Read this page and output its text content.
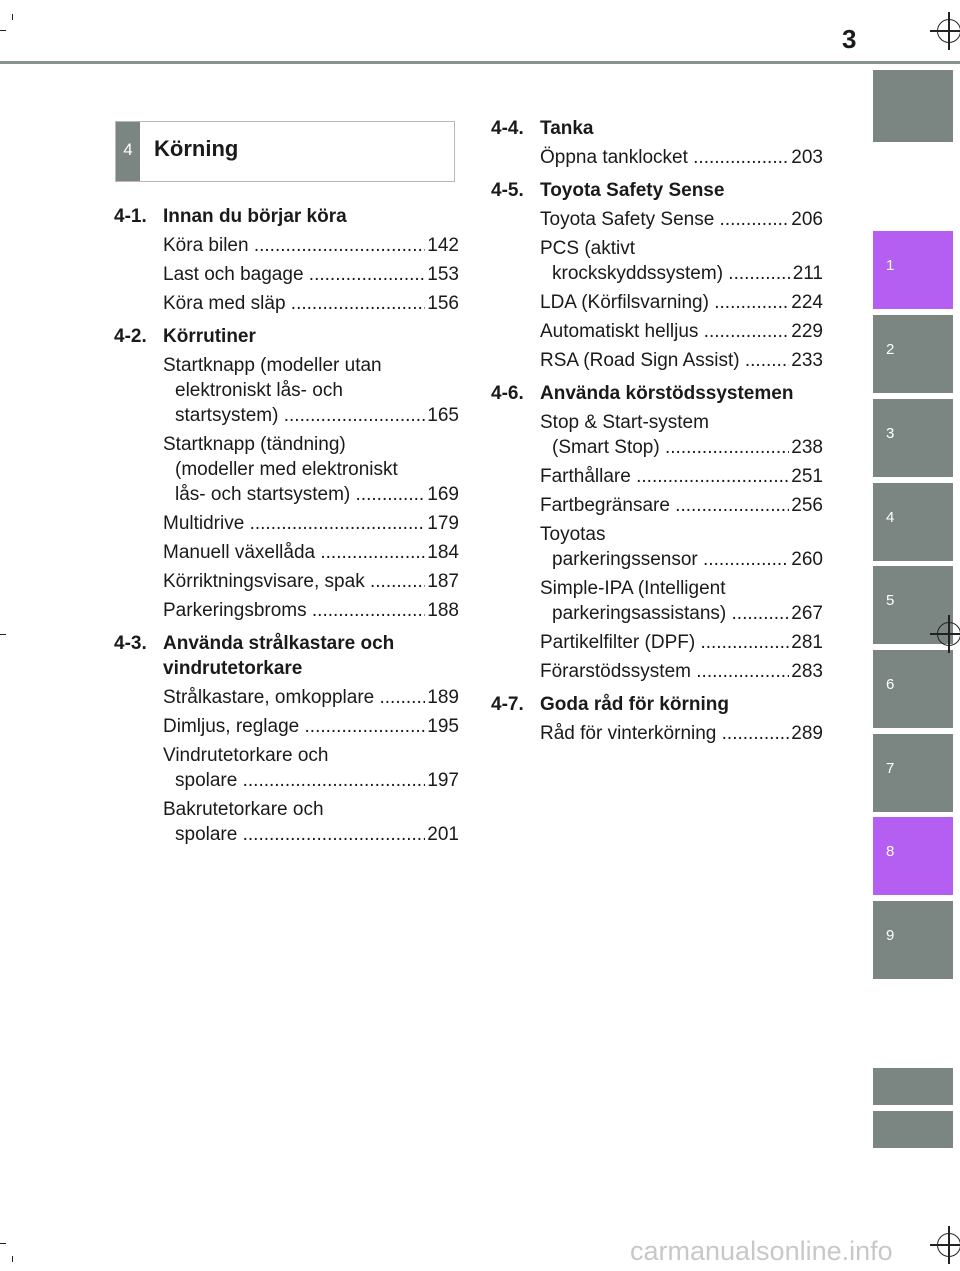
3
4 Körning
4-1. Innan du börjar köra
Köra bilen .....	142
Last och bagage .....	153
Köra med släp .....	156
4-2. Körrutiner
Startknapp (modeller utan
elektroniskt lås- och
startsystem) .....	165
Startknapp (tändning)
(modeller med elektroniskt
lås- och startsystem) .....	169
Multidrive .....	179
Manuell växellåda .....	184
Körriktningsvisare, spak .....	187
Parkeringsbroms .....	188
4-3. Använda strålkastare och vindrutetorkare
Strålkastare, omkopplare .....	189
Dimljus, reglage .....	195
Vindrutetorkare och
spolare .....	197
Bakrutetorkare och
spolare .....	201
4-4. Tanka
Öppna tanklocket .....	203
4-5. Toyota Safety Sense
Toyota Safety Sense .....	206
PCS (aktivt
krockskyddssystem) .....	211
LDA (Körfilsvarning) .....	224
Automatiskt helljus .....	229
RSA (Road Sign Assist) .....	233
4-6. Använda körstödssystemen
Stop & Start-system
(Smart Stop) .....	238
Farthållare .....	251
Fartbegränsare .....	256
Toyotas
parkeringssensor .....	260
Simple-IPA (Intelligent
parkeringsassistans) .....	267
Partikelfilter (DPF) .....	281
Förarstödssystem .....	283
4-7. Goda råd för körning
Råd för vinterkörning .....	289
1
2
3
4
5
6
7
8
9
carmanualsonline.info
